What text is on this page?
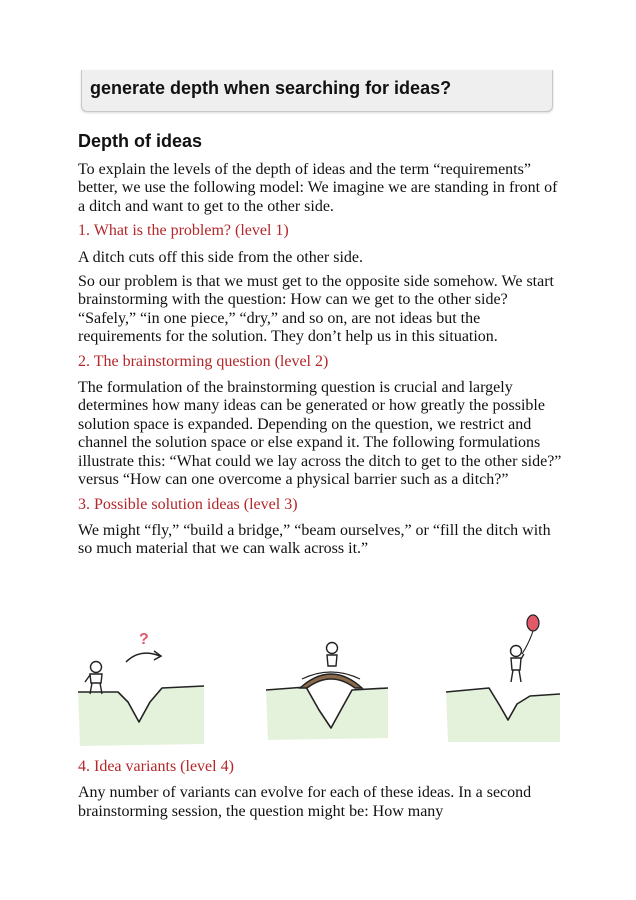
generate depth when searching for ideas?
Depth of ideas

To explain the levels of the depth of ideas and the term “requirements” better, we use the following model: We imagine we are standing in front of a ditch and want to get to the other side.

1. What is the problem? (level 1)

A ditch cuts off this side from the other side.

So our problem is that we must get to the opposite side somehow. We start brainstorming with the question: How can we get to the other side? “Safely,” “in one piece,” “dry,” and so on, are not ideas but the requirements for the solution. They don’t help us in this situation.

2. The brainstorming question (level 2)

The formulation of the brainstorming question is crucial and largely determines how many ideas can be generated or how greatly the possible solution space is expanded. Depending on the question, we restrict and channel the solution space or else expand it. The following formulations illustrate this: “What could we lay across the ditch to get to the other side?” versus “How can one overcome a physical barrier such as a ditch?”

3. Possible solution ideas (level 3)

We might “fly,” “build a bridge,” “beam ourselves,” or “fill the ditch with so much material that we can walk across it.”

?
4. Idea variants (level 4)

Any number of variants can evolve for each of these ideas. In a second brainstorming session, the question might be: How many
